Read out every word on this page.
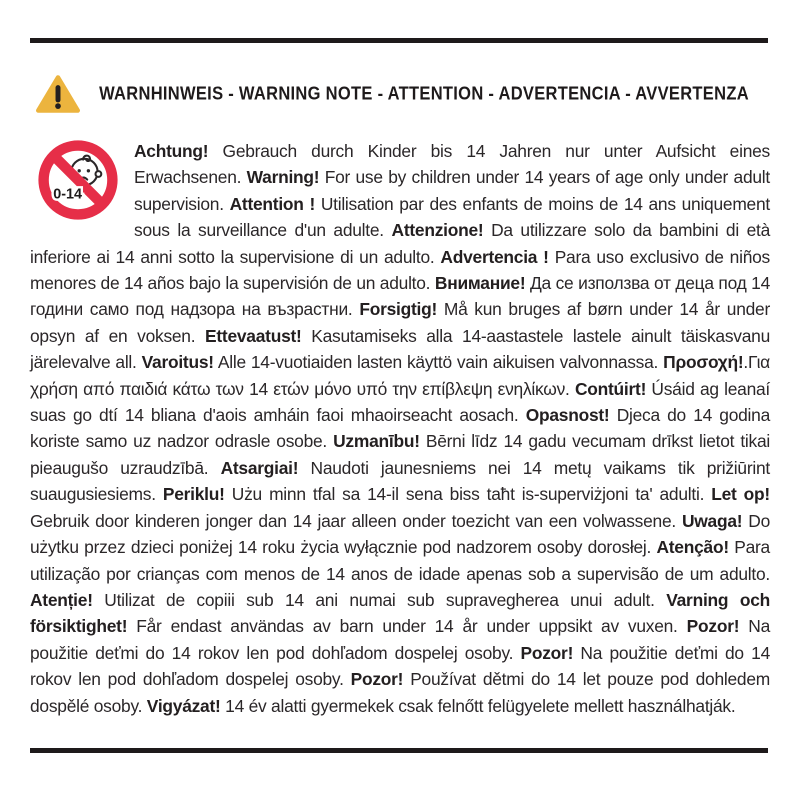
WARNHINWEIS - WARNING NOTE - ATTENTION - ADVERTENCIA - AVVERTENZA
0-14

Achtung! Gebrauch durch Kinder bis 14 Jahren nur unter Aufsicht eines Erwachsenen. Warning! For use by children under 14 years of age only under adult supervision. Attention ! Utilisation par des enfants de moins de 14 ans uniquement sous la surveillance d'un adulte. Attenzione! Da utilizzare solo da bambini di età inferiore ai 14 anni sotto la supervisione di un adulto. Advertencia ! Para uso exclusivo de niños menores de 14 años bajo la supervisión de un adulto. Внимание! Да се използва от деца под 14 години само под надзора на възрастни. Forsigtig! Må kun bruges af børn under 14 år under opsyn af en voksen. Ettevaatust! Kasutamiseks alla 14-aastastele lastele ainult täiskasvanu järelevalve all. Varoitus! Alle 14-vuotiaiden lasten käyttö vain aikuisen valvonnassa. Προσοχή!.Για χρήση από παιδιά κάτω των 14 ετών μόνο υπό την επίβλεψη ενηλίκων. Contúirt! Úsáid ag leanaí suas go dtí 14 bliana d'aois amháin faoi mhaoirseacht aosach. Opasnost! Djeca do 14 godina koriste samo uz nadzor odrasle osobe. Uzmanību! Bērni līdz 14 gadu vecumam drīkst lietot tikai pieaugušo uzraudzībā. Atsargiai! Naudoti jaunesniems nei 14 metų vaikams tik prižiūrint suaugusiesiems. Periklu! Użu minn tfal sa 14-il sena biss taħt is-superviżjoni ta' adulti. Let op! Gebruik door kinderen jonger dan 14 jaar alleen onder toezicht van een volwassene. Uwaga! Do użytku przez dzieci poniżej 14 roku życia wyłącznie pod nadzorem osoby dorosłej. Atenção! Para utilização por crianças com menos de 14 anos de idade apenas sob a supervisão de um adulto. Atenție! Utilizat de copiii sub 14 ani numai sub supravegherea unui adult. Varning och försiktighet! Får endast användas av barn under 14 år under uppsikt av vuxen. Pozor! Na použitie deťmi do 14 rokov len pod dohľadom dospelej osoby. Pozor! Na použitie deťmi do 14 rokov len pod dohľadom dospelej osoby. Pozor! Používat dětmi do 14 let pouze pod dohledem dospělé osoby. Vigyázat! 14 év alatti gyermekek csak felnőtt felügyelete mellett használhatják.
